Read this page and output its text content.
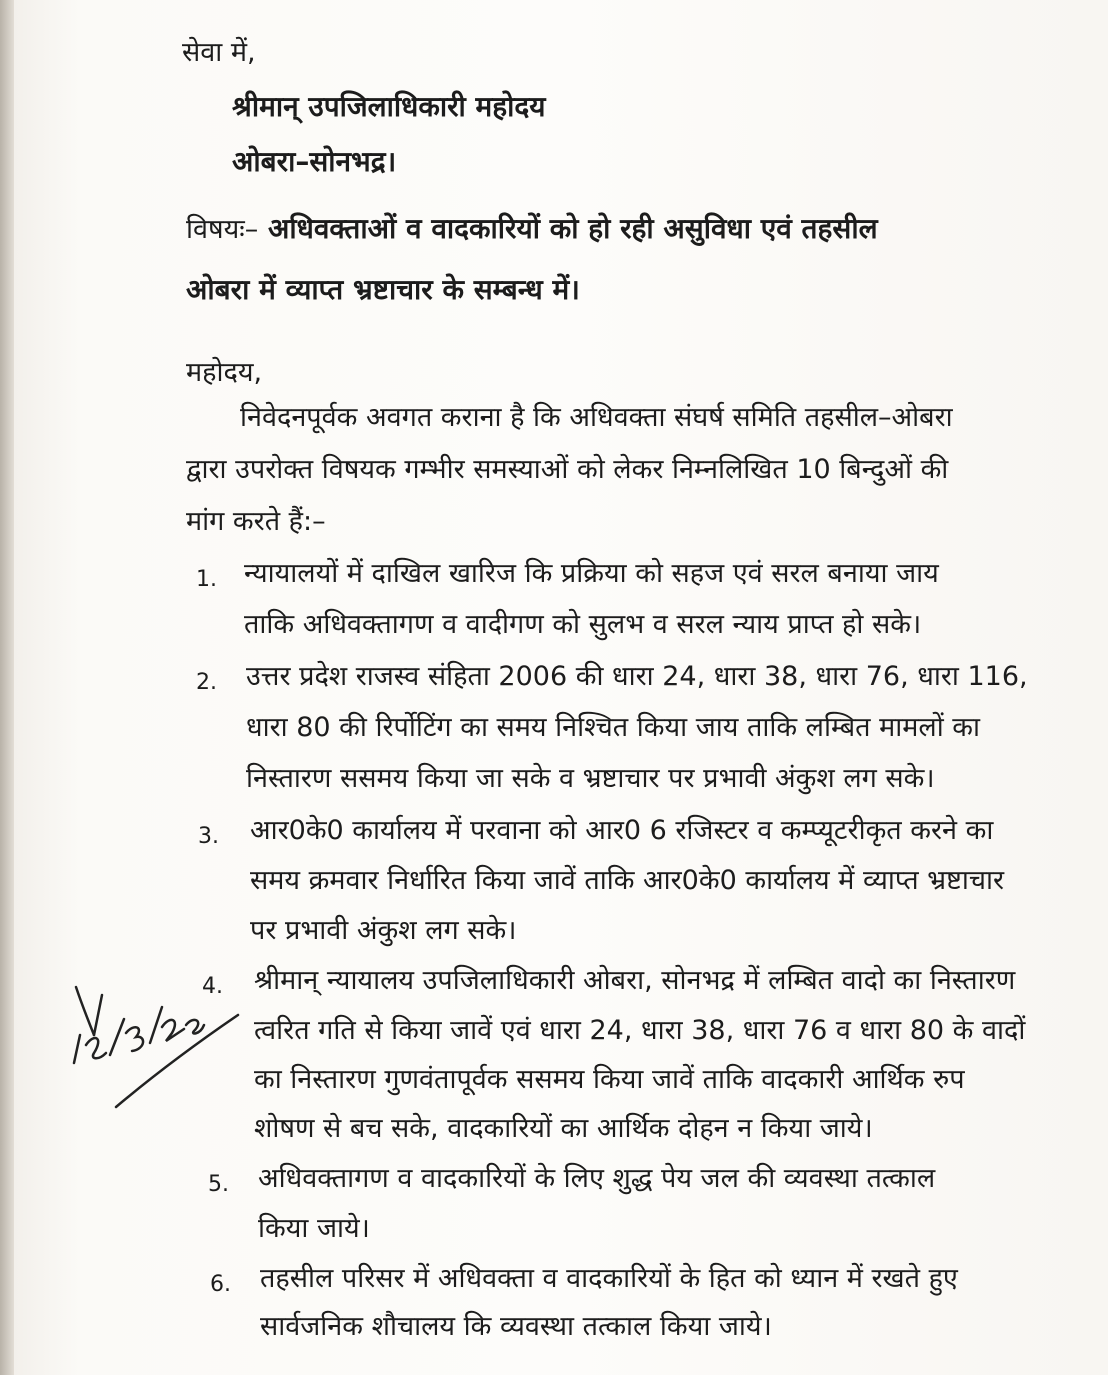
सेवा में,
श्रीमान् उपजिलाधिकारी महोदय
ओबरा–सोनभद्र।
विषयः– अधिवक्ताओं व वादकारियों को हो रही असुविधा एवं तहसील
ओबरा में व्याप्त भ्रष्टाचार के सम्बन्ध में।
महोदय,
निवेदनपूर्वक अवगत कराना है कि अधिवक्ता संघर्ष समिति तहसील–ओबरा
द्वारा उपरोक्त विषयक गम्भीर समस्याओं को लेकर निम्नलिखित 10 बिन्दुओं की
मांग करते हैं:–
1. न्यायालयों में दाखिल खारिज कि प्रक्रिया को सहज एवं सरल बनाया जाय
ताकि अधिवक्तागण व वादीगण को सुलभ व सरल न्याय प्राप्त हो सके।
2. उत्तर प्रदेश राजस्व संहिता 2006 की धारा 24, धारा 38, धारा 76, धारा 116,
धारा 80 की रिर्पोटिंग का समय निश्चित किया जाय ताकि लम्बित मामलों का
निस्तारण ससमय किया जा सके व भ्रष्टाचार पर प्रभावी अंकुश लग सके।
3. आर0के0 कार्यालय में परवाना को आर0 6 रजिस्टर व कम्प्यूटरीकृत करने का
समय क्रमवार निर्धारित किया जावें ताकि आर0के0 कार्यालय में व्याप्त भ्रष्टाचार
पर प्रभावी अंकुश लग सके।
4. श्रीमान् न्यायालय उपजिलाधिकारी ओबरा, सोनभद्र में लम्बित वादो का निस्तारण
त्वरित गति से किया जावें एवं धारा 24, धारा 38, धारा 76 व धारा 80 के वादों
का निस्तारण गुणवंतापूर्वक ससमय किया जावें ताकि वादकारी आर्थिक रुप
शोषण से बच सके, वादकारियों का आर्थिक दोहन न किया जाये।
5. अधिवक्तागण व वादकारियों के लिए शुद्ध पेय जल की व्यवस्था तत्काल
किया जाये।
6. तहसील परिसर में अधिवक्ता व वादकारियों के हित को ध्यान में रखते हुए
सार्वजनिक शौचालय कि व्यवस्था तत्काल किया जाये।
